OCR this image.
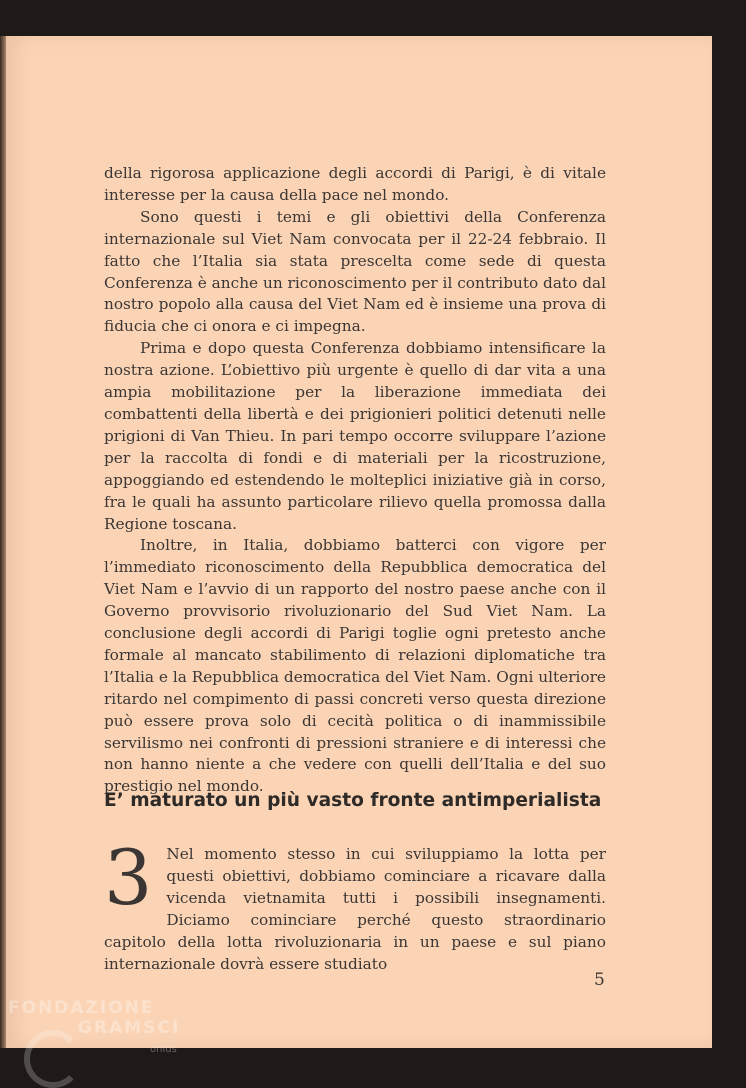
della rigorosa applicazione degli accordi di Parigi, è di vitale interesse per la causa della pace nel mondo.

Sono questi i temi e gli obiettivi della Conferenza internazionale sul Viet Nam convocata per il 22-24 febbraio. Il fatto che l’Italia sia stata prescelta come sede di questa Conferenza è anche un riconoscimento per il contributo dato dal nostro popolo alla causa del Viet Nam ed è insieme una prova di fiducia che ci onora e ci impegna.

Prima e dopo questa Conferenza dobbiamo intensificare la nostra azione. L’obiettivo più urgente è quello di dar vita a una ampia mobilitazione per la liberazione immediata dei combattenti della libertà e dei prigionieri politici detenuti nelle prigioni di Van Thieu. In pari tempo occorre sviluppare l’azione per la raccolta di fondi e di materiali per la ricostruzione, appoggiando ed estendendo le molteplici iniziative già in corso, fra le quali ha assunto particolare rilievo quella promossa dalla Regione toscana.

Inoltre, in Italia, dobbiamo batterci con vigore per l’immediato riconoscimento della Repubblica democratica del Viet Nam e l’avvio di un rapporto del nostro paese anche con il Governo provvisorio rivoluzionario del Sud Viet Nam. La conclusione degli accordi di Parigi toglie ogni pretesto anche formale al mancato stabilimento di relazioni diplomatiche tra l’Italia e la Repubblica democratica del Viet Nam. Ogni ulteriore ritardo nel compimento di passi concreti verso questa direzione può essere prova solo di cecità politica o di inammissibile servilismo nei confronti di pressioni straniere e di interessi che non hanno niente a che vedere con quelli dell’Italia e del suo prestigio nel mondo.

E’ maturato un più vasto fronte antimperialista
3 Nel momento stesso in cui sviluppiamo la lotta per questi obiettivi, dobbiamo cominciare a ricavare dalla vicenda vietnamita tutti i possibili insegnamenti. Diciamo cominciare perché questo straordinario capitolo della lotta rivoluzionaria in un paese e sul piano internazionale dovrà essere studiato
5
FONDAZIONE
GRAMSCI
onlus
